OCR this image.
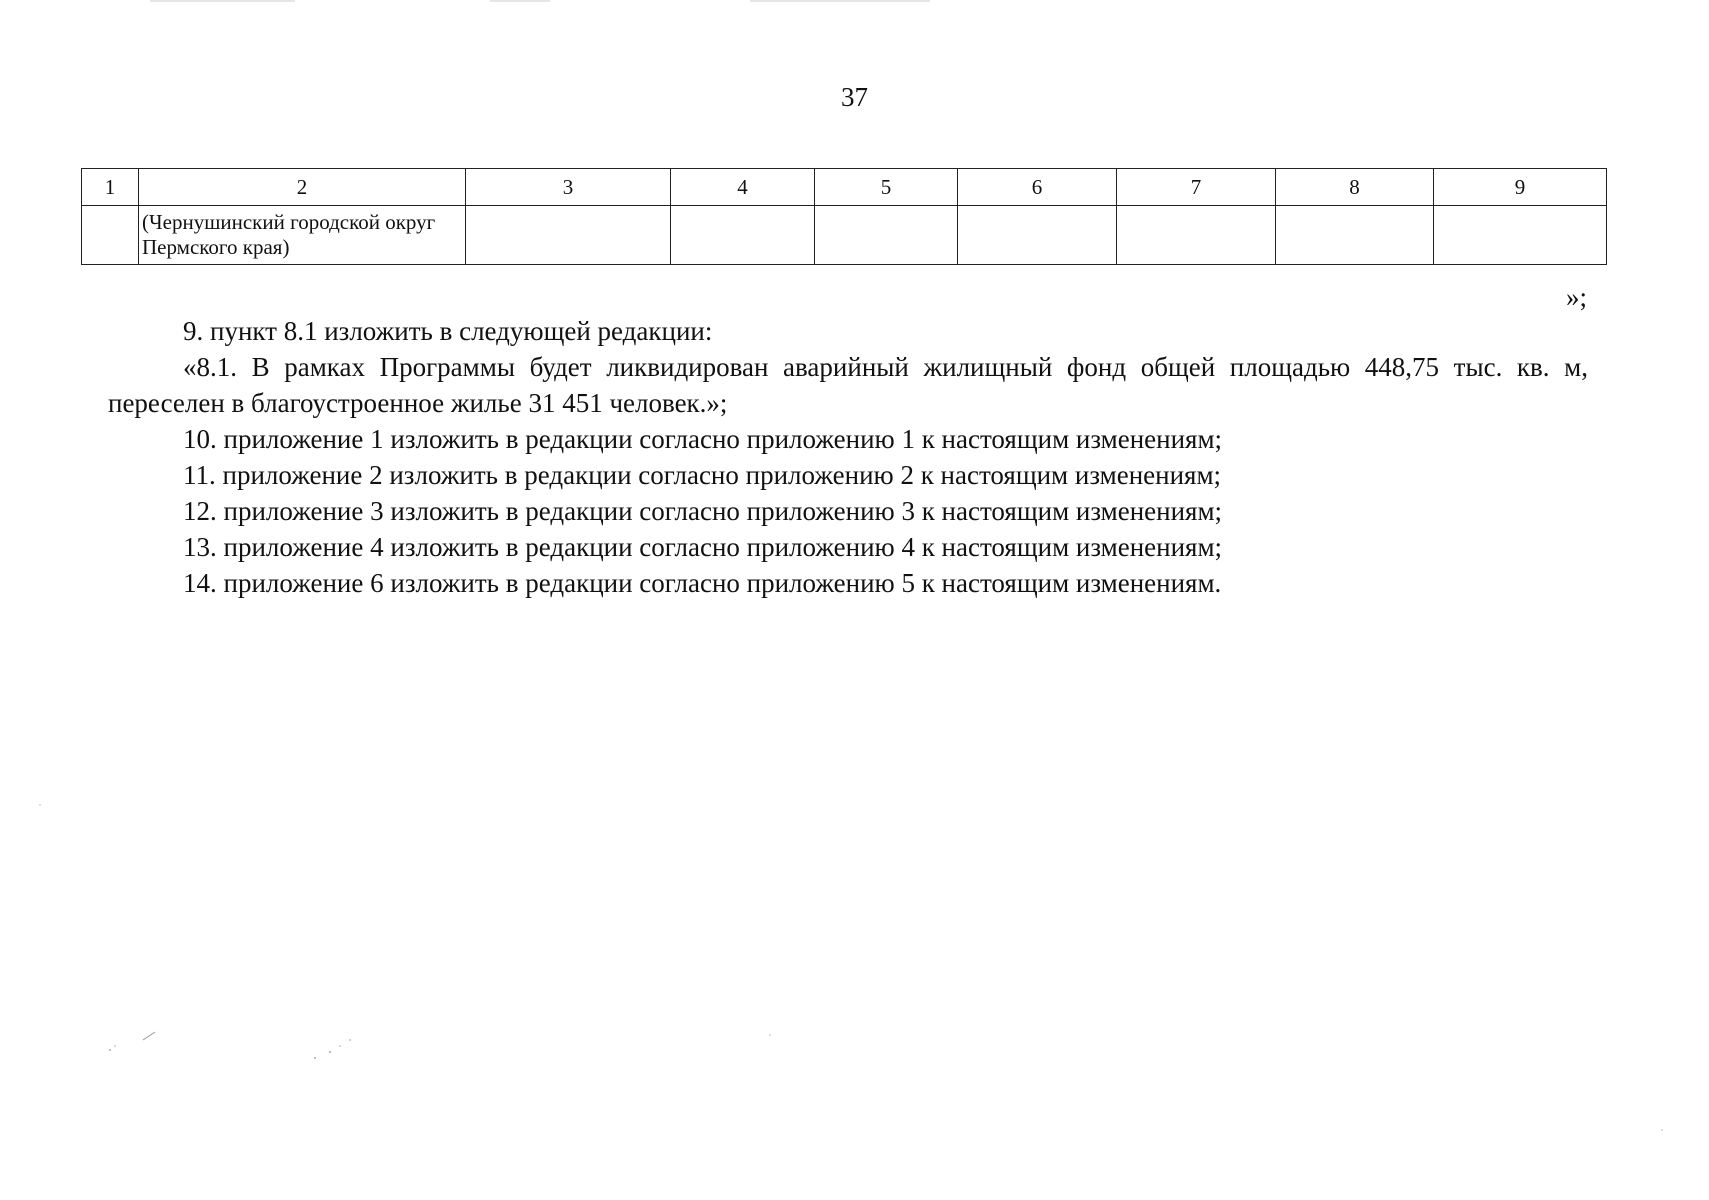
37
1	2	3	4	5	6	7	8	9
	(Чернушинский городской округ Пермского края)							
»;

9. пункт 8.1 изложить в следующей редакции:

«8.1. В рамках Программы будет ликвидирован аварийный жилищный фонд общей площадью 448,75 тыс. кв. м, переселен в благоустроенное жилье 31 451 человек.»;

10. приложение 1 изложить в редакции согласно приложению 1 к настоящим изменениям;

11. приложение 2 изложить в редакции согласно приложению 2 к настоящим изменениям;

12. приложение 3 изложить в редакции согласно приложению 3 к настоящим изменениям;

13. приложение 4 изложить в редакции согласно приложению 4 к настоящим изменениям;

14. приложение 6 изложить в редакции согласно приложению 5 к настоящим изменениям.
